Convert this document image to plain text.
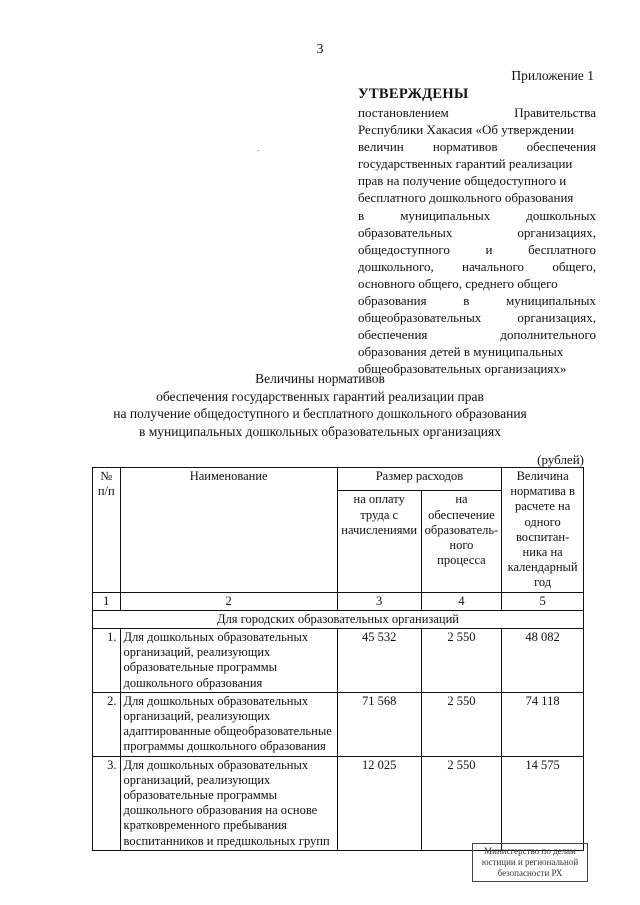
3
Приложение 1
УТВЕРЖДЕНЫ
постановлением	Правительства
Республики Хакасия «Об утверждении
величин нормативов обеспечения
государственных гарантий реализации
прав на получение общедоступного и
бесплатного дошкольного образования
в	муниципальных	дошкольных
образовательных	организациях,
общедоступного	и	бесплатного
дошкольного, начального общего,
основного общего, среднего общего
образования	в	муниципальных
общеобразовательных	организациях,
обеспечения	дополнительного
образования детей в муниципальных
общеобразовательных организациях»
Величины нормативов
обеспечения государственных гарантий реализации прав
на получение общедоступного и бесплатного дошкольного образования
в муниципальных дошкольных образовательных организациях
(рублей)
№ п/п	Наименование	Размер расходов		Величина норматива в расчете на одного воспитан-ника на календарный год
		на оплату труда с начислениями	на обеспечение образователь-ного процесса	
1	2	3	4	5
Для городских образовательных организаций				
1.	Для дошкольных образовательных организаций, реализующих образовательные программы дошкольного образования	45 532	2 550	48 082
2.	Для дошкольных образовательных организаций, реализующих адаптированные общеобразовательные программы дошкольного образования	71 568	2 550	74 118
3.	Для дошкольных образовательных организаций, реализующих образовательные программы дошкольного образования на основе кратковременного пребывания воспитанников и предшкольных групп	12 025	2 550	14 575
Минисгерство по делам юстиции и региональной безопасности РХ
